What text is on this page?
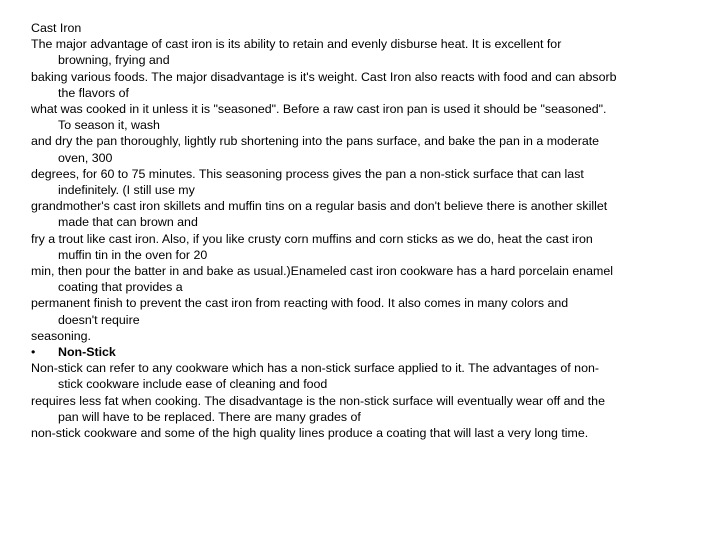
Cast Iron

The major advantage of cast iron is its ability to retain and evenly disburse heat. It is excellent for
browning, frying and

baking various foods. The major disadvantage is it's weight. Cast Iron also reacts with food and can absorb
the flavors of

what was cooked in it unless it is "seasoned". Before a raw cast iron pan is used it should be "seasoned".
To season it, wash

and dry the pan thoroughly, lightly rub shortening into the pans surface, and bake the pan in a moderate
oven, 300

degrees, for 60 to 75 minutes. This seasoning process gives the pan a non-stick surface that can last
indefinitely. (I still use my

grandmother's cast iron skillets and muffin tins on a regular basis and don't believe there is another skillet
made that can brown and

fry a trout like cast iron. Also, if you like crusty corn muffins and corn sticks as we do, heat the cast iron
muffin tin in the oven for 20

min, then pour the batter in and bake as usual.)Enameled cast iron cookware has a hard porcelain enamel
coating that provides a

permanent finish to prevent the cast iron from reacting with food. It also comes in many colors and
doesn't require

seasoning.

• Non-Stick

Non-stick can refer to any cookware which has a non-stick surface applied to it. The advantages of non-
stick cookware include ease of cleaning and food

requires less fat when cooking. The disadvantage is the non-stick surface will eventually wear off and the
pan will have to be replaced. There are many grades of

non-stick cookware and some of the high quality lines produce a coating that will last a very long time.
